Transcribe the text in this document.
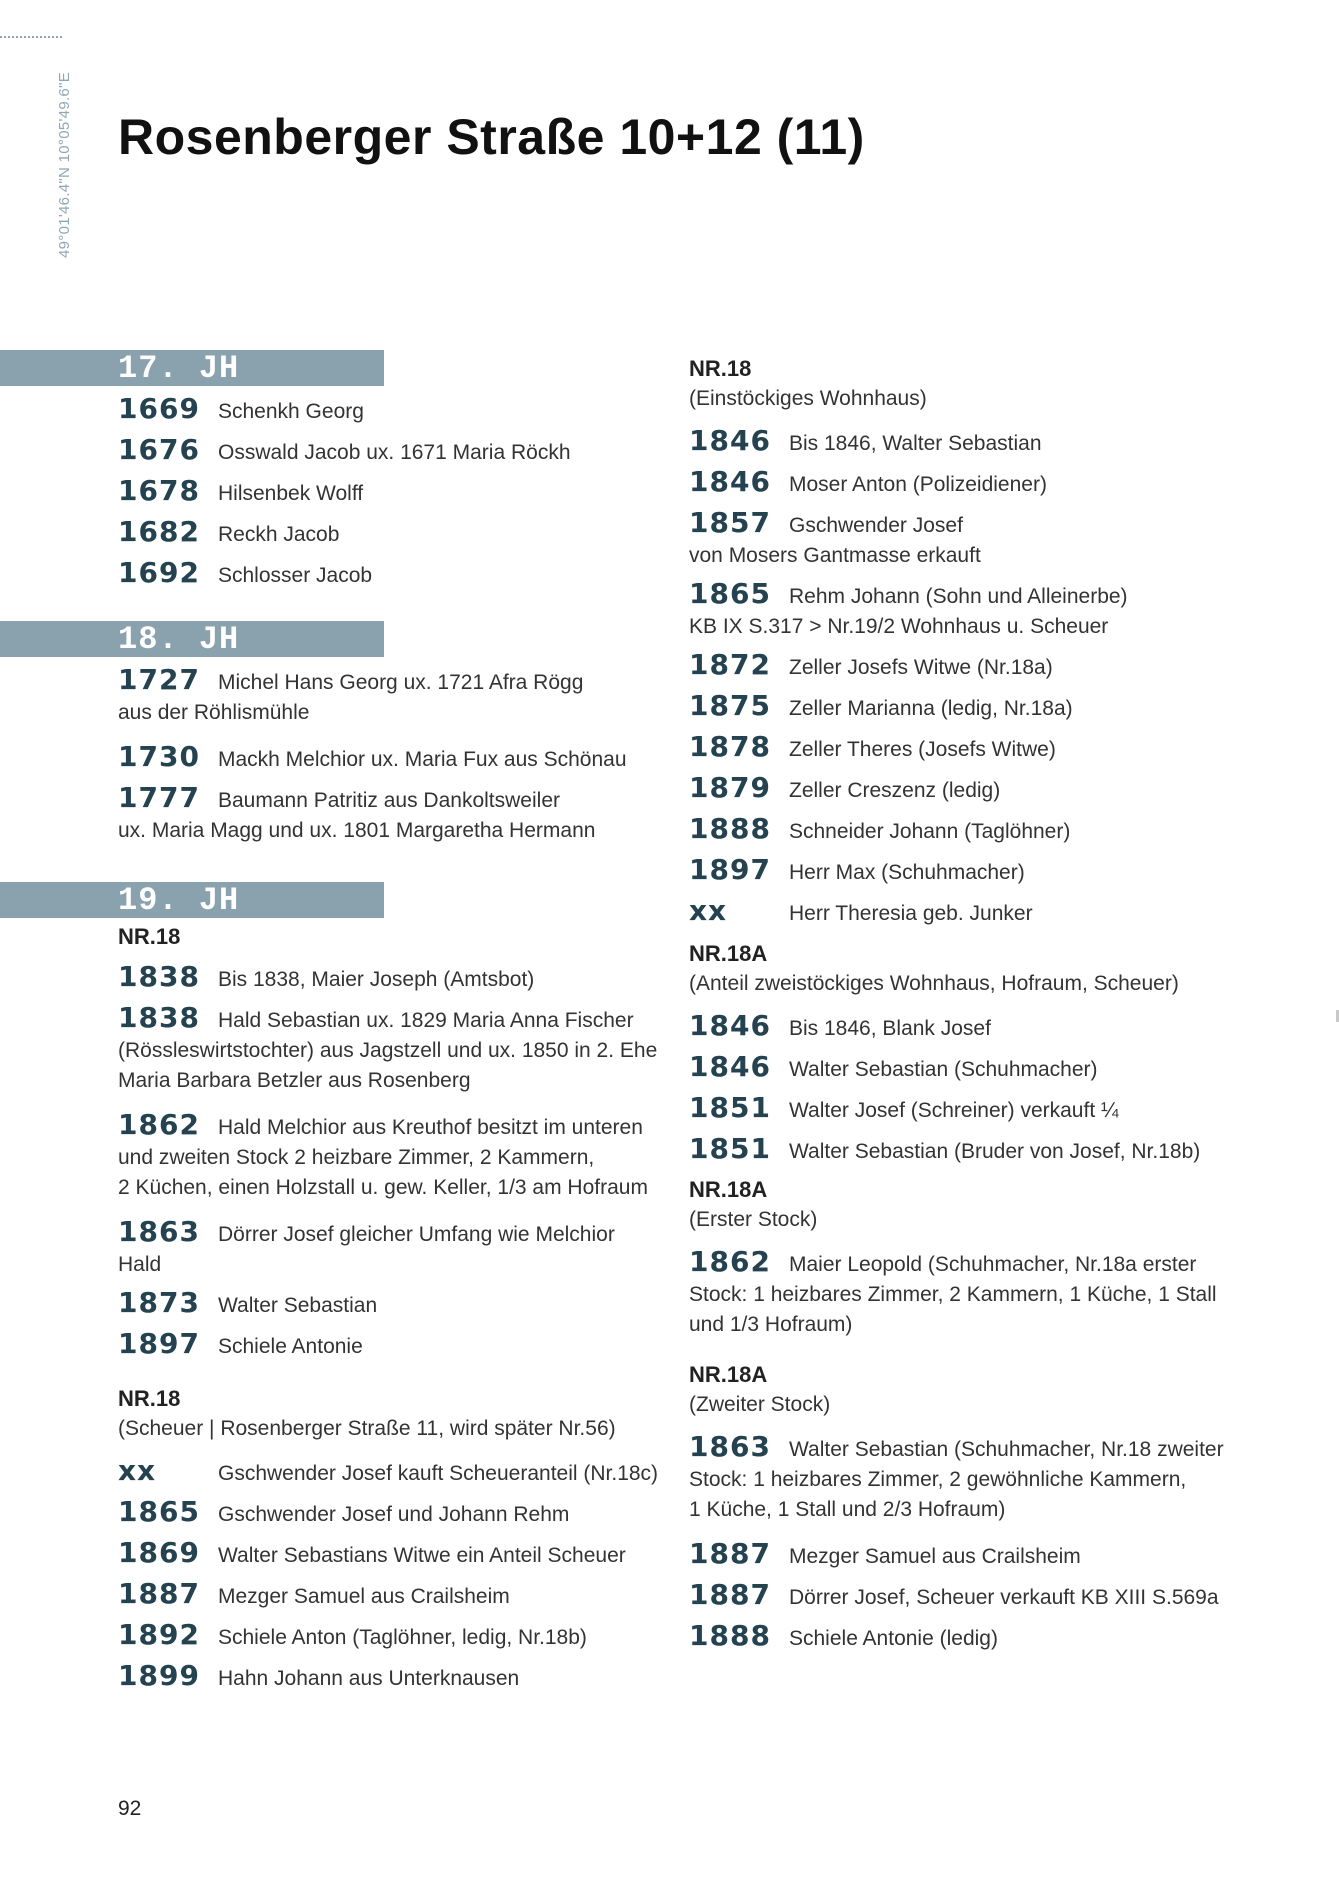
49°01'46.4"N 10°05'49.6"E Rosenberger Straße 10+12 (11)
17. JH
1669 Schenkh Georg
1676 Osswald Jacob ux. 1671 Maria Röckh
1678 Hilsenbek Wolff
1682 Reckh Jacob
1692 Schlosser Jacob
18. JH
1727 Michel Hans Georg ux. 1721 Afra Rögg
aus der Röhlismühle
1730 Mackh Melchior ux. Maria Fux aus Schönau
1777 Baumann Patritiz aus Dankoltsweiler
ux. Maria Magg und ux. 1801 Margaretha Hermann
19. JH
NR.18
1838 Bis 1838, Maier Joseph (Amtsbot)
1838 Hald Sebastian ux. 1829 Maria Anna Fischer
(Rössleswirtstochter) aus Jagstzell und ux. 1850 in 2. Ehe
Maria Barbara Betzler aus Rosenberg
1862 Hald Melchior aus Kreuthof besitzt im unteren
und zweiten Stock 2 heizbare Zimmer, 2 Kammern,
2 Küchen, einen Holzstall u. gew. Keller, 1/3 am Hofraum
1863 Dörrer Josef gleicher Umfang wie Melchior Hald
1873 Walter Sebastian
1897 Schiele Antonie
NR.18
(Scheuer | Rosenberger Straße 11, wird später Nr.56)
xx	Gschwender Josef kauft Scheueranteil (Nr.18c)
1865 Gschwender Josef und Johann Rehm
1869 Walter Sebastians Witwe ein Anteil Scheuer
1887 Mezger Samuel aus Crailsheim
1892 Schiele Anton (Taglöhner, ledig, Nr.18b)
1899 Hahn Johann aus Unterknausen
NR.18
(Einstöckiges Wohnhaus)
1846 Bis 1846, Walter Sebastian
1846 Moser Anton (Polizeidiener)
1857 Gschwender Josef
von Mosers Gantmasse erkauft
1865 Rehm Johann (Sohn und Alleinerbe)
KB IX S.317 > Nr.19/2 Wohnhaus u. Scheuer
1872 Zeller Josefs Witwe (Nr.18a)
1875 Zeller Marianna (ledig, Nr.18a)
1878 Zeller Theres (Josefs Witwe)
1879 Zeller Creszenz (ledig)
1888 Schneider Johann (Taglöhner)
1897 Herr Max (Schuhmacher)
xx	Herr Theresia geb. Junker
NR.18A
(Anteil zweistöckiges Wohnhaus, Hofraum, Scheuer)
1846 Bis 1846, Blank Josef
1846 Walter Sebastian (Schuhmacher)
1851 Walter Josef (Schreiner) verkauft ¼
1851 Walter Sebastian (Bruder von Josef, Nr.18b)
NR.18A
(Erster Stock)
1862 Maier Leopold (Schuhmacher, Nr.18a erster
Stock: 1 heizbares Zimmer, 2 Kammern, 1 Küche, 1 Stall
und 1/3 Hofraum)
NR.18A
(Zweiter Stock)
1863 Walter Sebastian (Schuhmacher, Nr.18 zweiter
Stock: 1 heizbares Zimmer, 2 gewöhnliche Kammern,
1 Küche, 1 Stall und 2/3 Hofraum)
1887 Mezger Samuel aus Crailsheim
1887 Dörrer Josef, Scheuer verkauft KB XIII S.569a
1888 Schiele Antonie (ledig)
92
